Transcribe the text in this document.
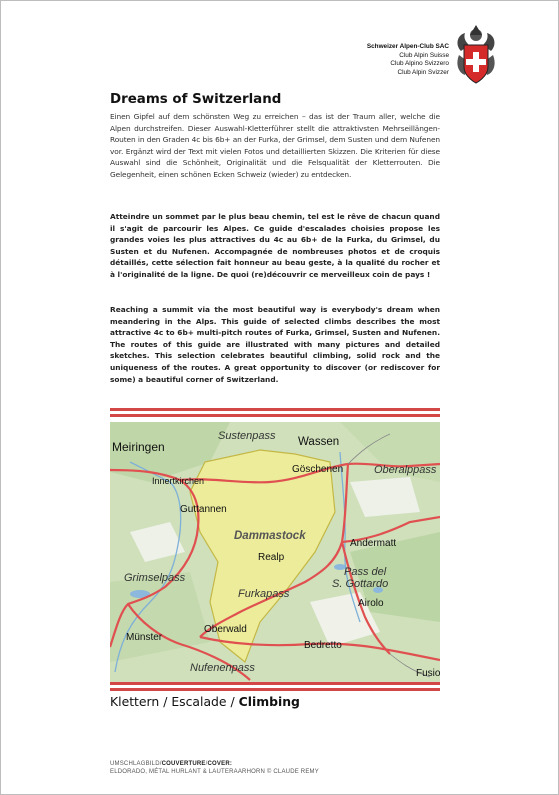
Schweizer Alpen-Club SAC
Club Alpin Suisse
Club Alpino Svizzero
Club Alpin Svizzer
Dreams of Switzerland

Einen Gipfel auf dem schönsten Weg zu erreichen – das ist der Traum aller, welche die Alpen durchstreifen. Dieser Auswahl-Kletterführer stellt die attraktivsten Mehrseillängen-Routen in den Graden 4c bis 6b+ an der Furka, der Grimsel, dem Susten und dem Nufenen vor. Ergänzt wird der Text mit vielen Fotos und detaillierten Skizzen. Die Kriterien für diese Auswahl sind die Schönheit, Originalität und die Felsqualität der Kletterrouten. Die Gelegenheit, einen schönen Ecken Schweiz (wieder) zu entdecken.

Atteindre un sommet par le plus beau chemin, tel est le rêve de chacun quand il s'agit de parcourir les Alpes. Ce guide d'escalades choisies propose les grandes voies les plus attractives du 4c au 6b+ de la Furka, du Grimsel, du Susten et du Nufenen. Accompagnée de nombreuses photos et de croquis détaillés, cette sélection fait honneur au beau geste, à la qualité du rocher et à l'originalité de la ligne. De quoi (re)découvrir ce merveilleux coin de pays !

Reaching a summit via the most beautiful way is everybody's dream when meandering in the Alps. This guide of selected climbs describes the most attractive 4c to 6b+ multi-pitch routes of Furka, Grimsel, Susten and Nufenen. The routes of this guide are illustrated with many pictures and detailed sketches. This selection celebrates beautiful climbing, solid rock and the uniqueness of the routes. A great opportunity to discover (or rediscover for some) a beautiful corner of Switzerland.

Meiringen
Sustenpass Wassen
Innertkirchen
Göschenen	Oberalppass
Guttannen
Dammastock
Andermatt
Realp
Pass del
S. Gottardo
Grimselpass
Furkapass
Airolo
Oberwald
Münster
Bedretto
Nufenenpass	Fusio
Klettern / Escalade / Climbing
UMSCHLAGBILD/COUVERTURE/COVER:
ELDORADO, MÉTAL HURLANT & LAUTERAARHORN © CLAUDE REMY
